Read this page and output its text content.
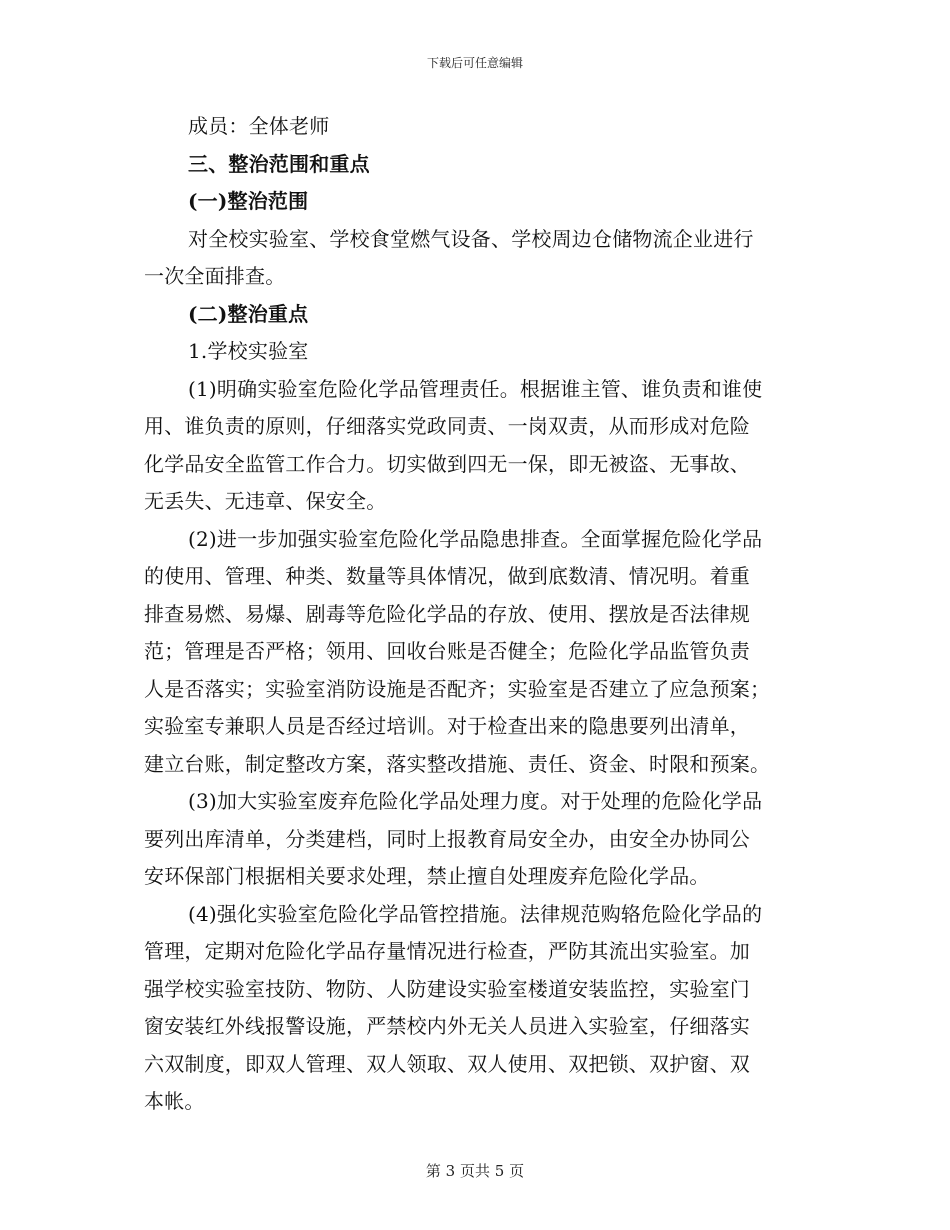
下载后可任意编辑
成员：全体老师
三、整治范围和重点
(一)整治范围
对全校实验室、学校食堂燃气设备、学校周边仓储物流企业进行
一次全面排查。
(二)整治重点
1.学校实验室
(1)明确实验室危险化学品管理责任。根据谁主管、谁负责和谁使
用、谁负责的原则，仔细落实党政同责、一岗双责，从而形成对危险
化学品安全监管工作合力。切实做到四无一保，即无被盗、无事故、
无丢失、无违章、保安全。
(2)进一步加强实验室危险化学品隐患排查。全面掌握危险化学品
的使用、管理、种类、数量等具体情况，做到底数清、情况明。着重
排查易燃、易爆、剧毒等危险化学品的存放、使用、摆放是否法律规
范；管理是否严格；领用、回收台账是否健全；危险化学品监管负责
人是否落实；实验室消防设施是否配齐；实验室是否建立了应急预案；
实验室专兼职人员是否经过培训。对于检查出来的隐患要列出清单，
建立台账，制定整改方案，落实整改措施、责任、资金、时限和预案。
(3)加大实验室废弃危险化学品处理力度。对于处理的危险化学品
要列出库清单，分类建档，同时上报教育局安全办，由安全办协同公
安环保部门根据相关要求处理，禁止擅自处理废弃危险化学品。
(4)强化实验室危险化学品管控措施。法律规范购辂危险化学品的
管理，定期对危险化学品存量情况进行检查，严防其流出实验室。加
强学校实验室技防、物防、人防建设实验室楼道安装监控，实验室门
窗安装红外线报警设施，严禁校内外无关人员进入实验室，仔细落实
六双制度，即双人管理、双人领取、双人使用、双把锁、双护窗、双
本帐。
第 3 页共 5 页
